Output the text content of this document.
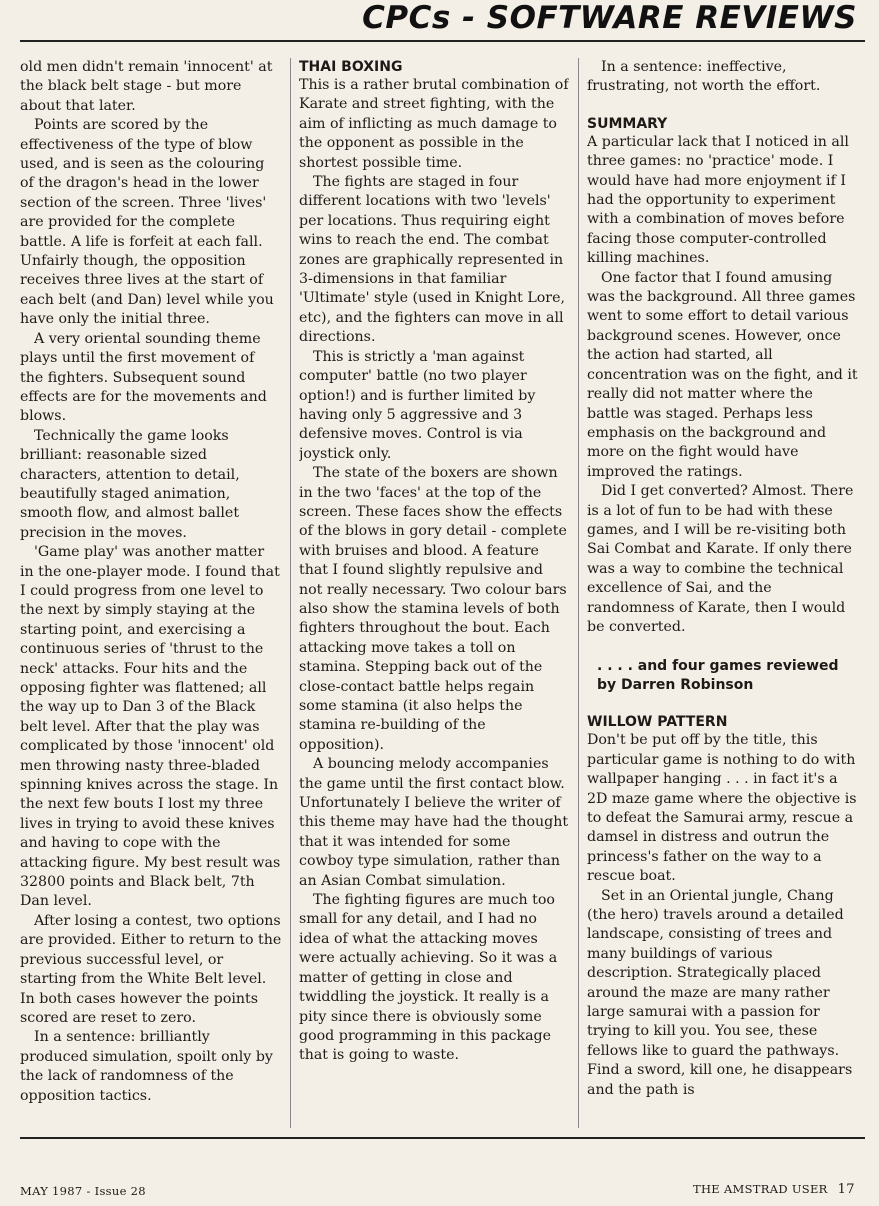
CPCs - SOFTWARE REVIEWS

old men didn't remain 'innocent' at the black belt stage - but more about that later.

Points are scored by the effectiveness of the type of blow used, and is seen as the colouring of the dragon's head in the lower section of the screen. Three 'lives' are provided for the complete battle. A life is forfeit at each fall. Unfairly though, the opposition receives three lives at the start of each belt (and Dan) level while you have only the initial three.

A very oriental sounding theme plays until the first movement of the fighters. Subsequent sound effects are for the movements and blows.

Technically the game looks brilliant: reasonable sized characters, attention to detail, beautifully staged animation, smooth flow, and almost ballet precision in the moves.

'Game play' was another matter in the one-player mode. I found that I could progress from one level to the next by simply staying at the starting point, and exercising a continuous series of 'thrust to the neck' attacks. Four hits and the opposing fighter was flattened; all the way up to Dan 3 of the Black belt level. After that the play was complicated by those 'innocent' old men throwing nasty three-bladed spinning knives across the stage. In the next few bouts I lost my three lives in trying to avoid these knives and having to cope with the attacking figure. My best result was 32800 points and Black belt, 7th Dan level.

After losing a contest, two options are provided. Either to return to the previous successful level, or starting from the White Belt level. In both cases however the points scored are reset to zero.

In a sentence: brilliantly produced simulation, spoilt only by the lack of randomness of the opposition tactics.

THAI BOXING

This is a rather brutal combination of Karate and street fighting, with the aim of inflicting as much damage to the opponent as possible in the shortest possible time.

The fights are staged in four different locations with two 'levels' per locations. Thus requiring eight wins to reach the end. The combat zones are graphically represented in 3-dimensions in that familiar 'Ultimate' style (used in Knight Lore, etc), and the fighters can move in all directions.

This is strictly a 'man against computer' battle (no two player option!) and is further limited by having only 5 aggressive and 3 defensive moves. Control is via joystick only.

The state of the boxers are shown in the two 'faces' at the top of the screen. These faces show the effects of the blows in gory detail - complete with bruises and blood. A feature that I found slightly repulsive and not really necessary. Two colour bars also show the stamina levels of both fighters throughout the bout. Each attacking move takes a toll on stamina. Stepping back out of the close-contact battle helps regain some stamina (it also helps the stamina re-building of the opposition).

A bouncing melody accompanies the game until the first contact blow. Unfortunately I believe the writer of this theme may have had the thought that it was intended for some cowboy type simulation, rather than an Asian Combat simulation.

The fighting figures are much too small for any detail, and I had no idea of what the attacking moves were actually achieving. So it was a matter of getting in close and twiddling the joystick. It really is a pity since there is obviously some good programming in this package that is going to waste.

In a sentence: ineffective, frustrating, not worth the effort.

SUMMARY

A particular lack that I noticed in all three games: no 'practice' mode. I would have had more enjoyment if I had the opportunity to experiment with a combination of moves before facing those computer-controlled killing machines.

One factor that I found amusing was the background. All three games went to some effort to detail various background scenes. However, once the action had started, all concentration was on the fight, and it really did not matter where the battle was staged. Perhaps less emphasis on the background and more on the fight would have improved the ratings.

Did I get converted? Almost. There is a lot of fun to be had with these games, and I will be re-visiting both Sai Combat and Karate. If only there was a way to combine the technical excellence of Sai, and the randomness of Karate, then I would be converted.

. . . . and four games reviewed
by Darren Robinson

WILLOW PATTERN

Don't be put off by the title, this particular game is nothing to do with wallpaper hanging . . . in fact it's a 2D maze game where the objective is to defeat the Samurai army, rescue a damsel in distress and outrun the princess's father on the way to a rescue boat.

Set in an Oriental jungle, Chang (the hero) travels around a detailed landscape, consisting of trees and many buildings of various description. Strategically placed around the maze are many rather large samurai with a passion for trying to kill you. You see, these fellows like to guard the pathways. Find a sword, kill one, he disappears and the path is

MAY 1987 - Issue 28	THE AMSTRAD USER 17
